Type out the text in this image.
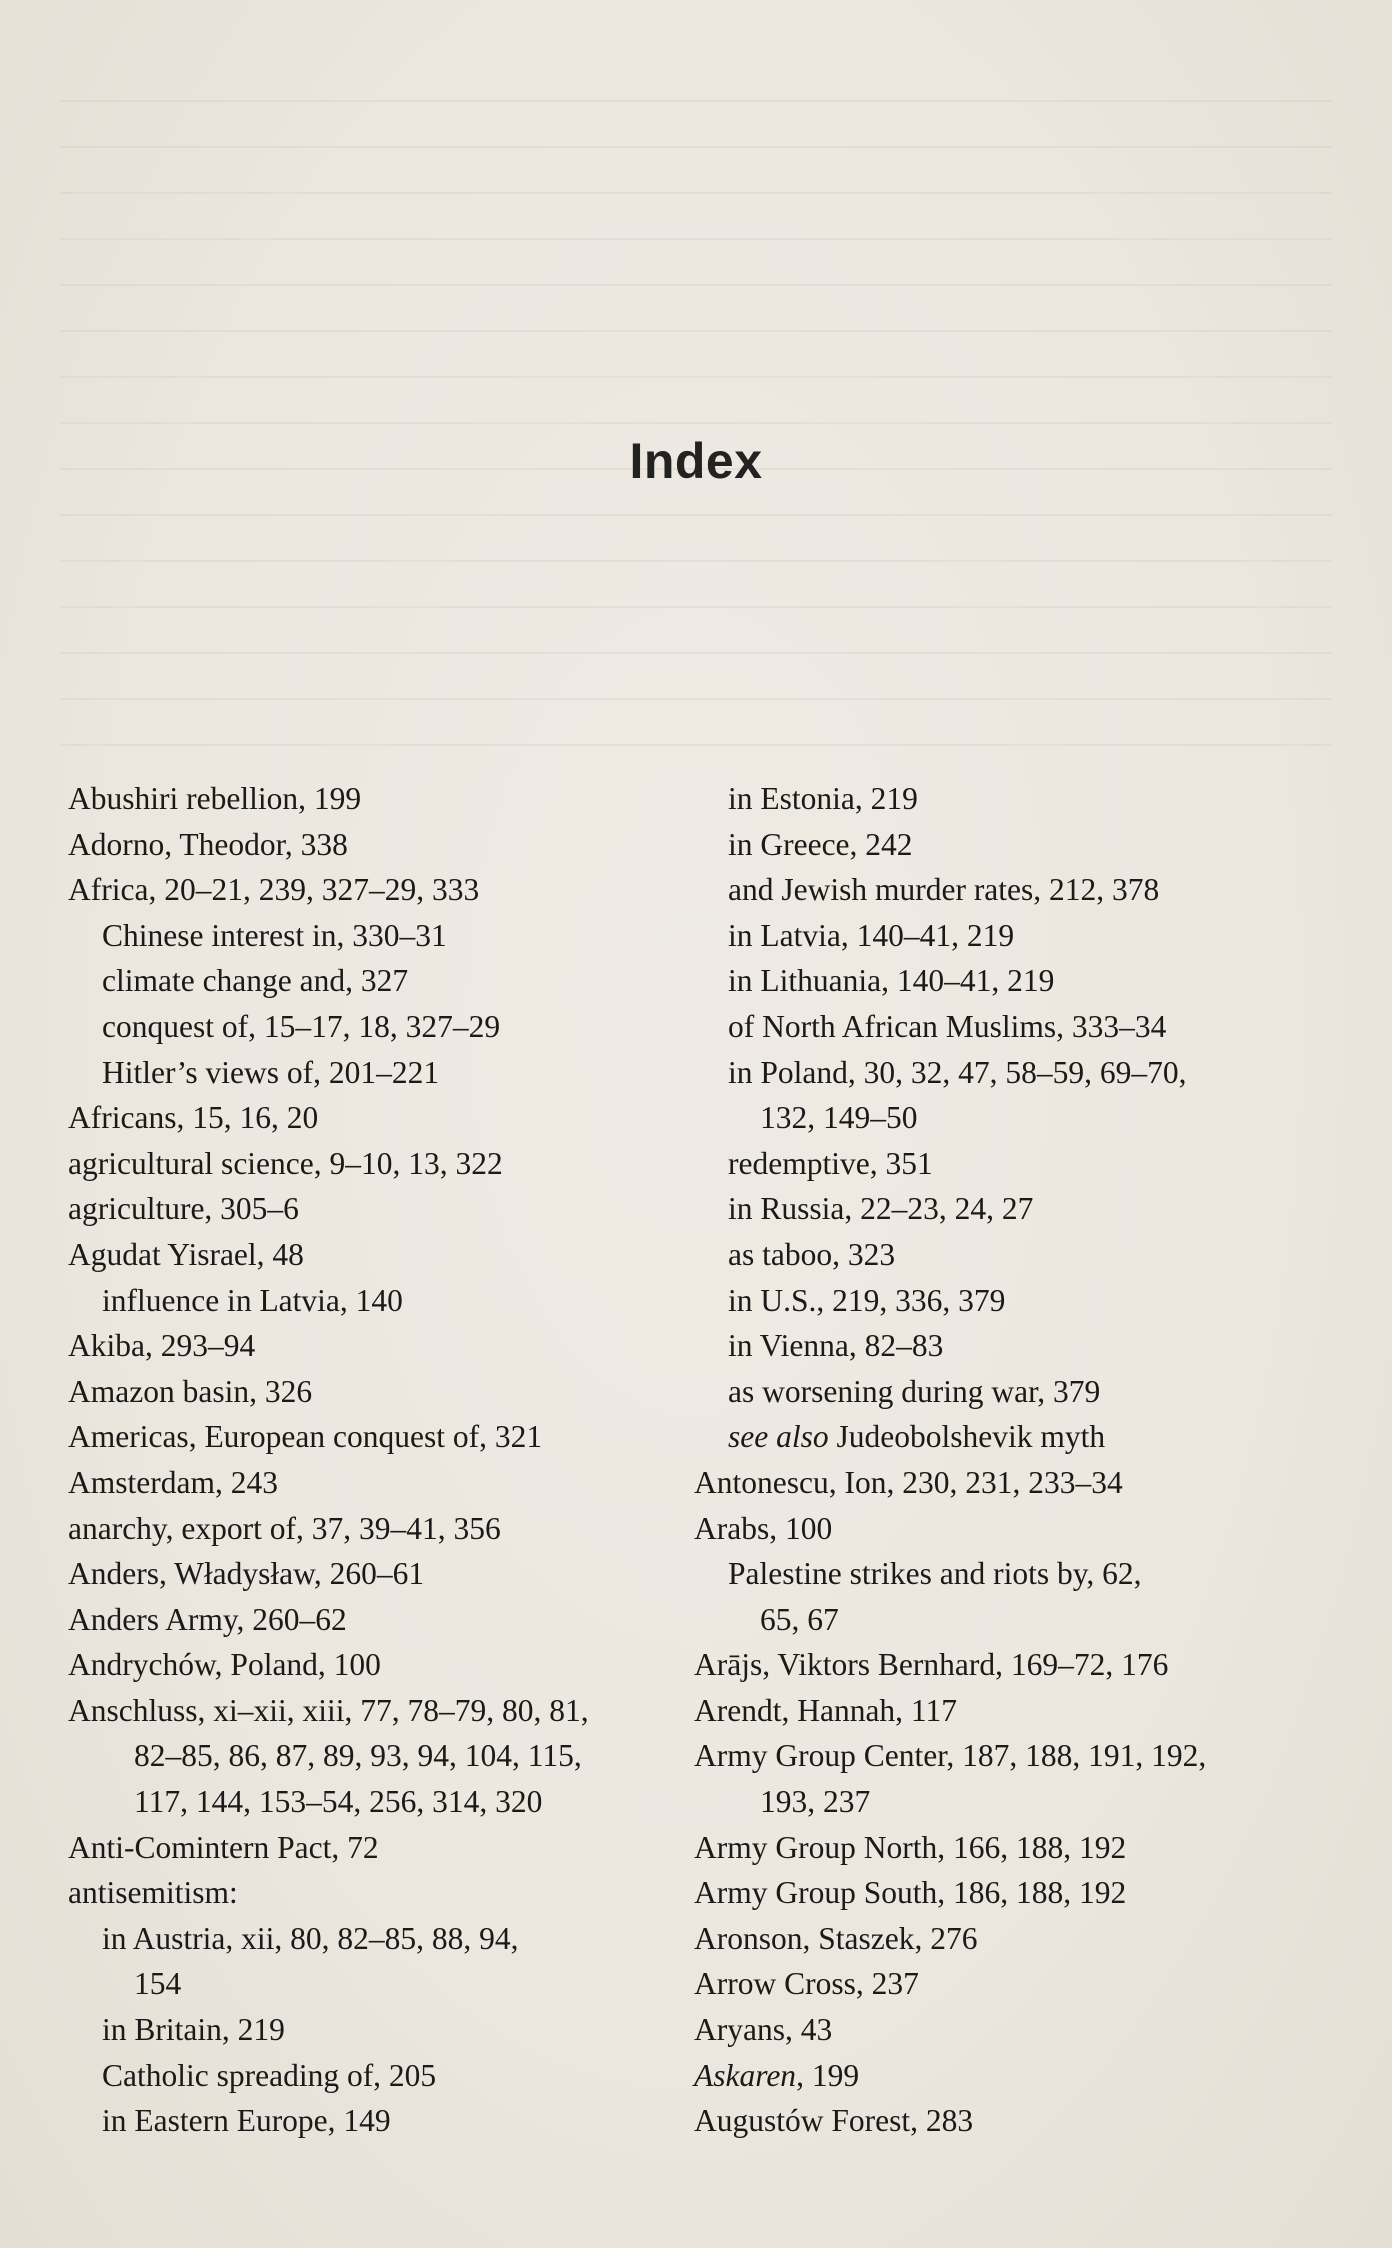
Index
Abushiri rebellion, 199
Adorno, Theodor, 338
Africa, 20–21, 239, 327–29, 333
Chinese interest in, 330–31
climate change and, 327
conquest of, 15–17, 18, 327–29
Hitler’s views of, 201–221
Africans, 15, 16, 20
agricultural science, 9–10, 13, 322
agriculture, 305–6
Agudat Yisrael, 48
influence in Latvia, 140
Akiba, 293–94
Amazon basin, 326
Americas, European conquest of, 321
Amsterdam, 243
anarchy, export of, 37, 39–41, 356
Anders, Władysław, 260–61
Anders Army, 260–62
Andrychów, Poland, 100
Anschluss, xi–xii, xiii, 77, 78–79, 80, 81,
82–85, 86, 87, 89, 93, 94, 104, 115,
117, 144, 153–54, 256, 314, 320
Anti-Comintern Pact, 72
antisemitism:
in Austria, xii, 80, 82–85, 88, 94,
154
in Britain, 219
Catholic spreading of, 205
in Eastern Europe, 149
in Estonia, 219
in Greece, 242
and Jewish murder rates, 212, 378
in Latvia, 140–41, 219
in Lithuania, 140–41, 219
of North African Muslims, 333–34
in Poland, 30, 32, 47, 58–59, 69–70,
132, 149–50
redemptive, 351
in Russia, 22–23, 24, 27
as taboo, 323
in U.S., 219, 336, 379
in Vienna, 82–83
as worsening during war, 379
see also Judeobolshevik myth
Antonescu, Ion, 230, 231, 233–34
Arabs, 100
Palestine strikes and riots by, 62,
65, 67
Arājs, Viktors Bernhard, 169–72, 176
Arendt, Hannah, 117
Army Group Center, 187, 188, 191, 192,
193, 237
Army Group North, 166, 188, 192
Army Group South, 186, 188, 192
Aronson, Staszek, 276
Arrow Cross, 237
Aryans, 43
Askaren, 199
Augustów Forest, 283
